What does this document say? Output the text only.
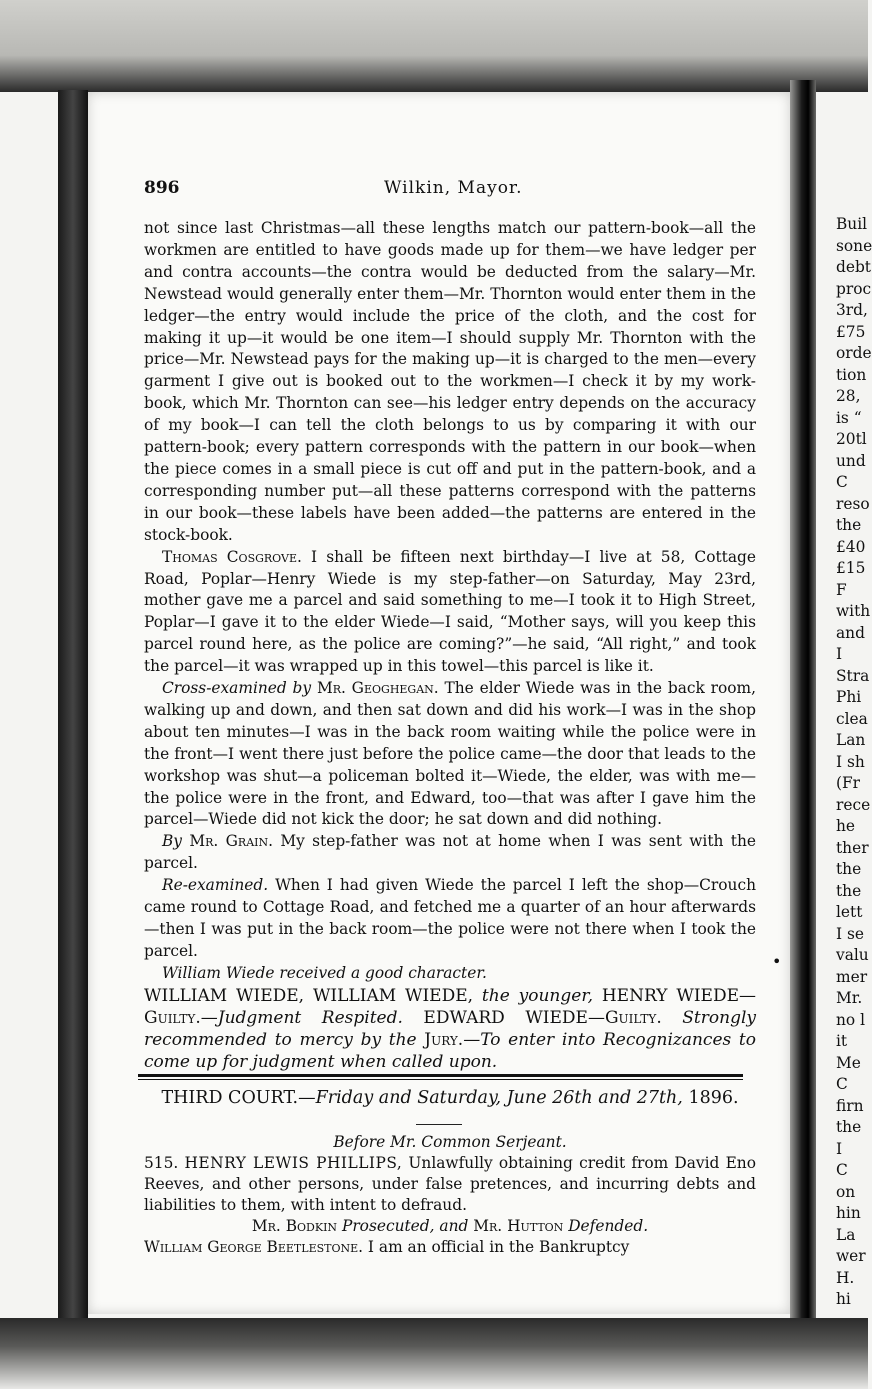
896	Wilkin, Mayor.

not since last Christmas—all these lengths match our pattern-book—all the workmen are entitled to have goods made up for them—we have ledger per and contra accounts—the contra would be deducted from the salary—Mr. Newstead would generally enter them—Mr. Thornton would enter them in the ledger—the entry would include the price of the cloth, and the cost for making it up—it would be one item—I should supply Mr. Thornton with the price—Mr. Newstead pays for the making up—it is charged to the men—every garment I give out is booked out to the workmen—I check it by my work-book, which Mr. Thornton can see—his ledger entry depends on the accuracy of my book—I can tell the cloth belongs to us by comparing it with our pattern-book; every pattern corresponds with the pattern in our book—when the piece comes in a small piece is cut off and put in the pattern-book, and a corresponding number put—all these patterns correspond with the patterns in our book—these labels have been added—the patterns are entered in the stock-book.

Thomas Cosgrove. I shall be fifteen next birthday—I live at 58, Cottage Road, Poplar—Henry Wiede is my step-father—on Saturday, May 23rd, mother gave me a parcel and said something to me—I took it to High Street, Poplar—I gave it to the elder Wiede—I said, “Mother says, will you keep this parcel round here, as the police are coming?”—he said, “All right,” and took the parcel—it was wrapped up in this towel—this parcel is like it.

Cross-examined by Mr. Geoghegan. The elder Wiede was in the back room, walking up and down, and then sat down and did his work—I was in the shop about ten minutes—I was in the back room waiting while the police were in the front—I went there just before the police came—the door that leads to the workshop was shut—a policeman bolted it—Wiede, the elder, was with me—the police were in the front, and Edward, too—that was after I gave him the parcel—Wiede did not kick the door; he sat down and did nothing.

By Mr. Grain. My step-father was not at home when I was sent with the parcel.

Re-examined. When I had given Wiede the parcel I left the shop—Crouch came round to Cottage Road, and fetched me a quarter of an hour afterwards—then I was put in the back room—the police were not there when I took the parcel.

William Wiede received a good character.

WILLIAM WIEDE, WILLIAM WIEDE, the younger, HENRY WIEDE—Guilty.—Judgment Respited. EDWARD WIEDE—Guilty. Strongly recommended to mercy by the Jury.—To enter into Recognizances to come up for judgment when called upon.

THIRD COURT.—Friday and Saturday, June 26th and 27th, 1896.

Before Mr. Common Serjeant.

515. HENRY LEWIS PHILLIPS, Unlawfully obtaining credit from David Eno Reeves, and other persons, under false pretences, and incurring debts and liabilities to them, with intent to defraud.

Mr. Bodkin Prosecuted, and Mr. Hutton Defended.

William George Beetlestone. I am an official in the Bankruptcy

•
Buil
sone
debt
proc
3rd,
£75
orde
tion
28,
is “
20tl
und
C
reso
the
£40
£15
F
with
and
I
Stra
Phi
clea
Lan
I sh
(Fr
rece
he
ther
the
the
lett
I se
valu
mer
Mr.
no l
it
Me
C
firn
the
I
C
on
hin
La
wer
H.
hi
